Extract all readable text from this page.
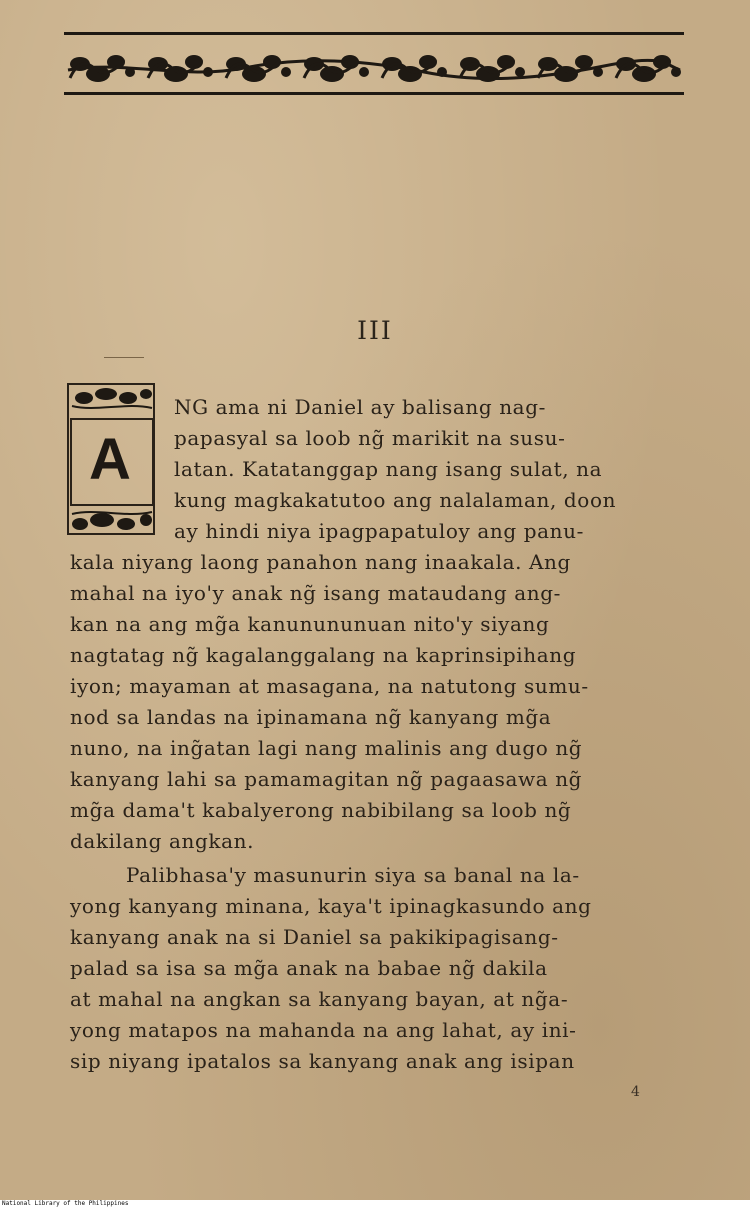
III
A
NG ama ni Daniel ay balisang nag-
papasyal sa loob ng̃ marikit na susu-
latan. Katatanggap nang isang sulat, na
kung magkakatutoo ang nalalaman, doon
ay hindi niya ipagpapatuloy ang panu-
kala niyang laong panahon nang inaakala. Ang
mahal na iyo'y anak ng̃ isang mataudang ang-
kan na ang mg̃a kanunununuan nito'y siyang
nagtatag ng̃ kagalanggalang na kaprinsipihang
iyon; mayaman at masagana, na natutong sumu-
nod sa landas na ipinamana ng̃ kanyang mg̃a
nuno, na ing̃atan lagi nang malinis ang dugo ng̃
kanyang lahi sa pamamagitan ng̃ pagaasawa ng̃
mg̃a dama't kabalyerong nabibilang sa loob ng̃
dakilang angkan.
Palibhasa'y masunurin siya sa banal na la-
yong kanyang minana, kaya't ipinagkasundo ang
kanyang anak na si Daniel sa pakikipagisang-
palad sa isa sa mg̃a anak na babae ng̃ dakila
at mahal na angkan sa kanyang bayan, at ng̃a-
yong matapos na mahanda na ang lahat, ay ini-
sip niyang ipatalos sa kanyang anak ang isipan
4
National Library of the Philippines
